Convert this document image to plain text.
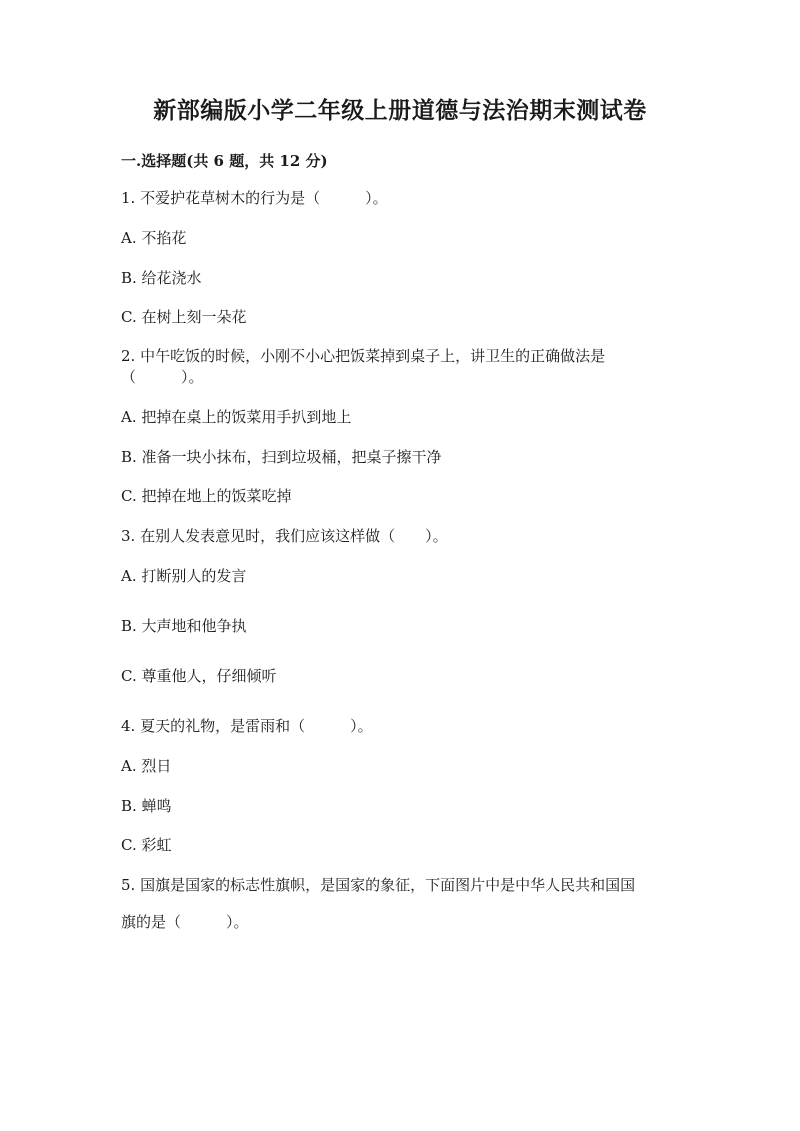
新部编版小学二年级上册道德与法治期末测试卷
一.选择题(共 6 题，共 12 分)
1. 不爱护花草树木的行为是（　　　）。
A. 不掐花
B. 给花浇水
C. 在树上刻一朵花
2. 中午吃饭的时候，小刚不小心把饭菜掉到桌子上，讲卫生的正确做法是
（　　　）。
A. 把掉在桌上的饭菜用手扒到地上
B. 准备一块小抹布，扫到垃圾桶，把桌子擦干净
C. 把掉在地上的饭菜吃掉
3. 在别人发表意见时，我们应该这样做（　　）。
A. 打断别人的发言
B. 大声地和他争执
C. 尊重他人，仔细倾听
4. 夏天的礼物，是雷雨和（　　　）。
A. 烈日
B. 蝉鸣
C. 彩虹
5. 国旗是国家的标志性旗帜，是国家的象征，下面图片中是中华人民共和国国
旗的是（　　　）。
